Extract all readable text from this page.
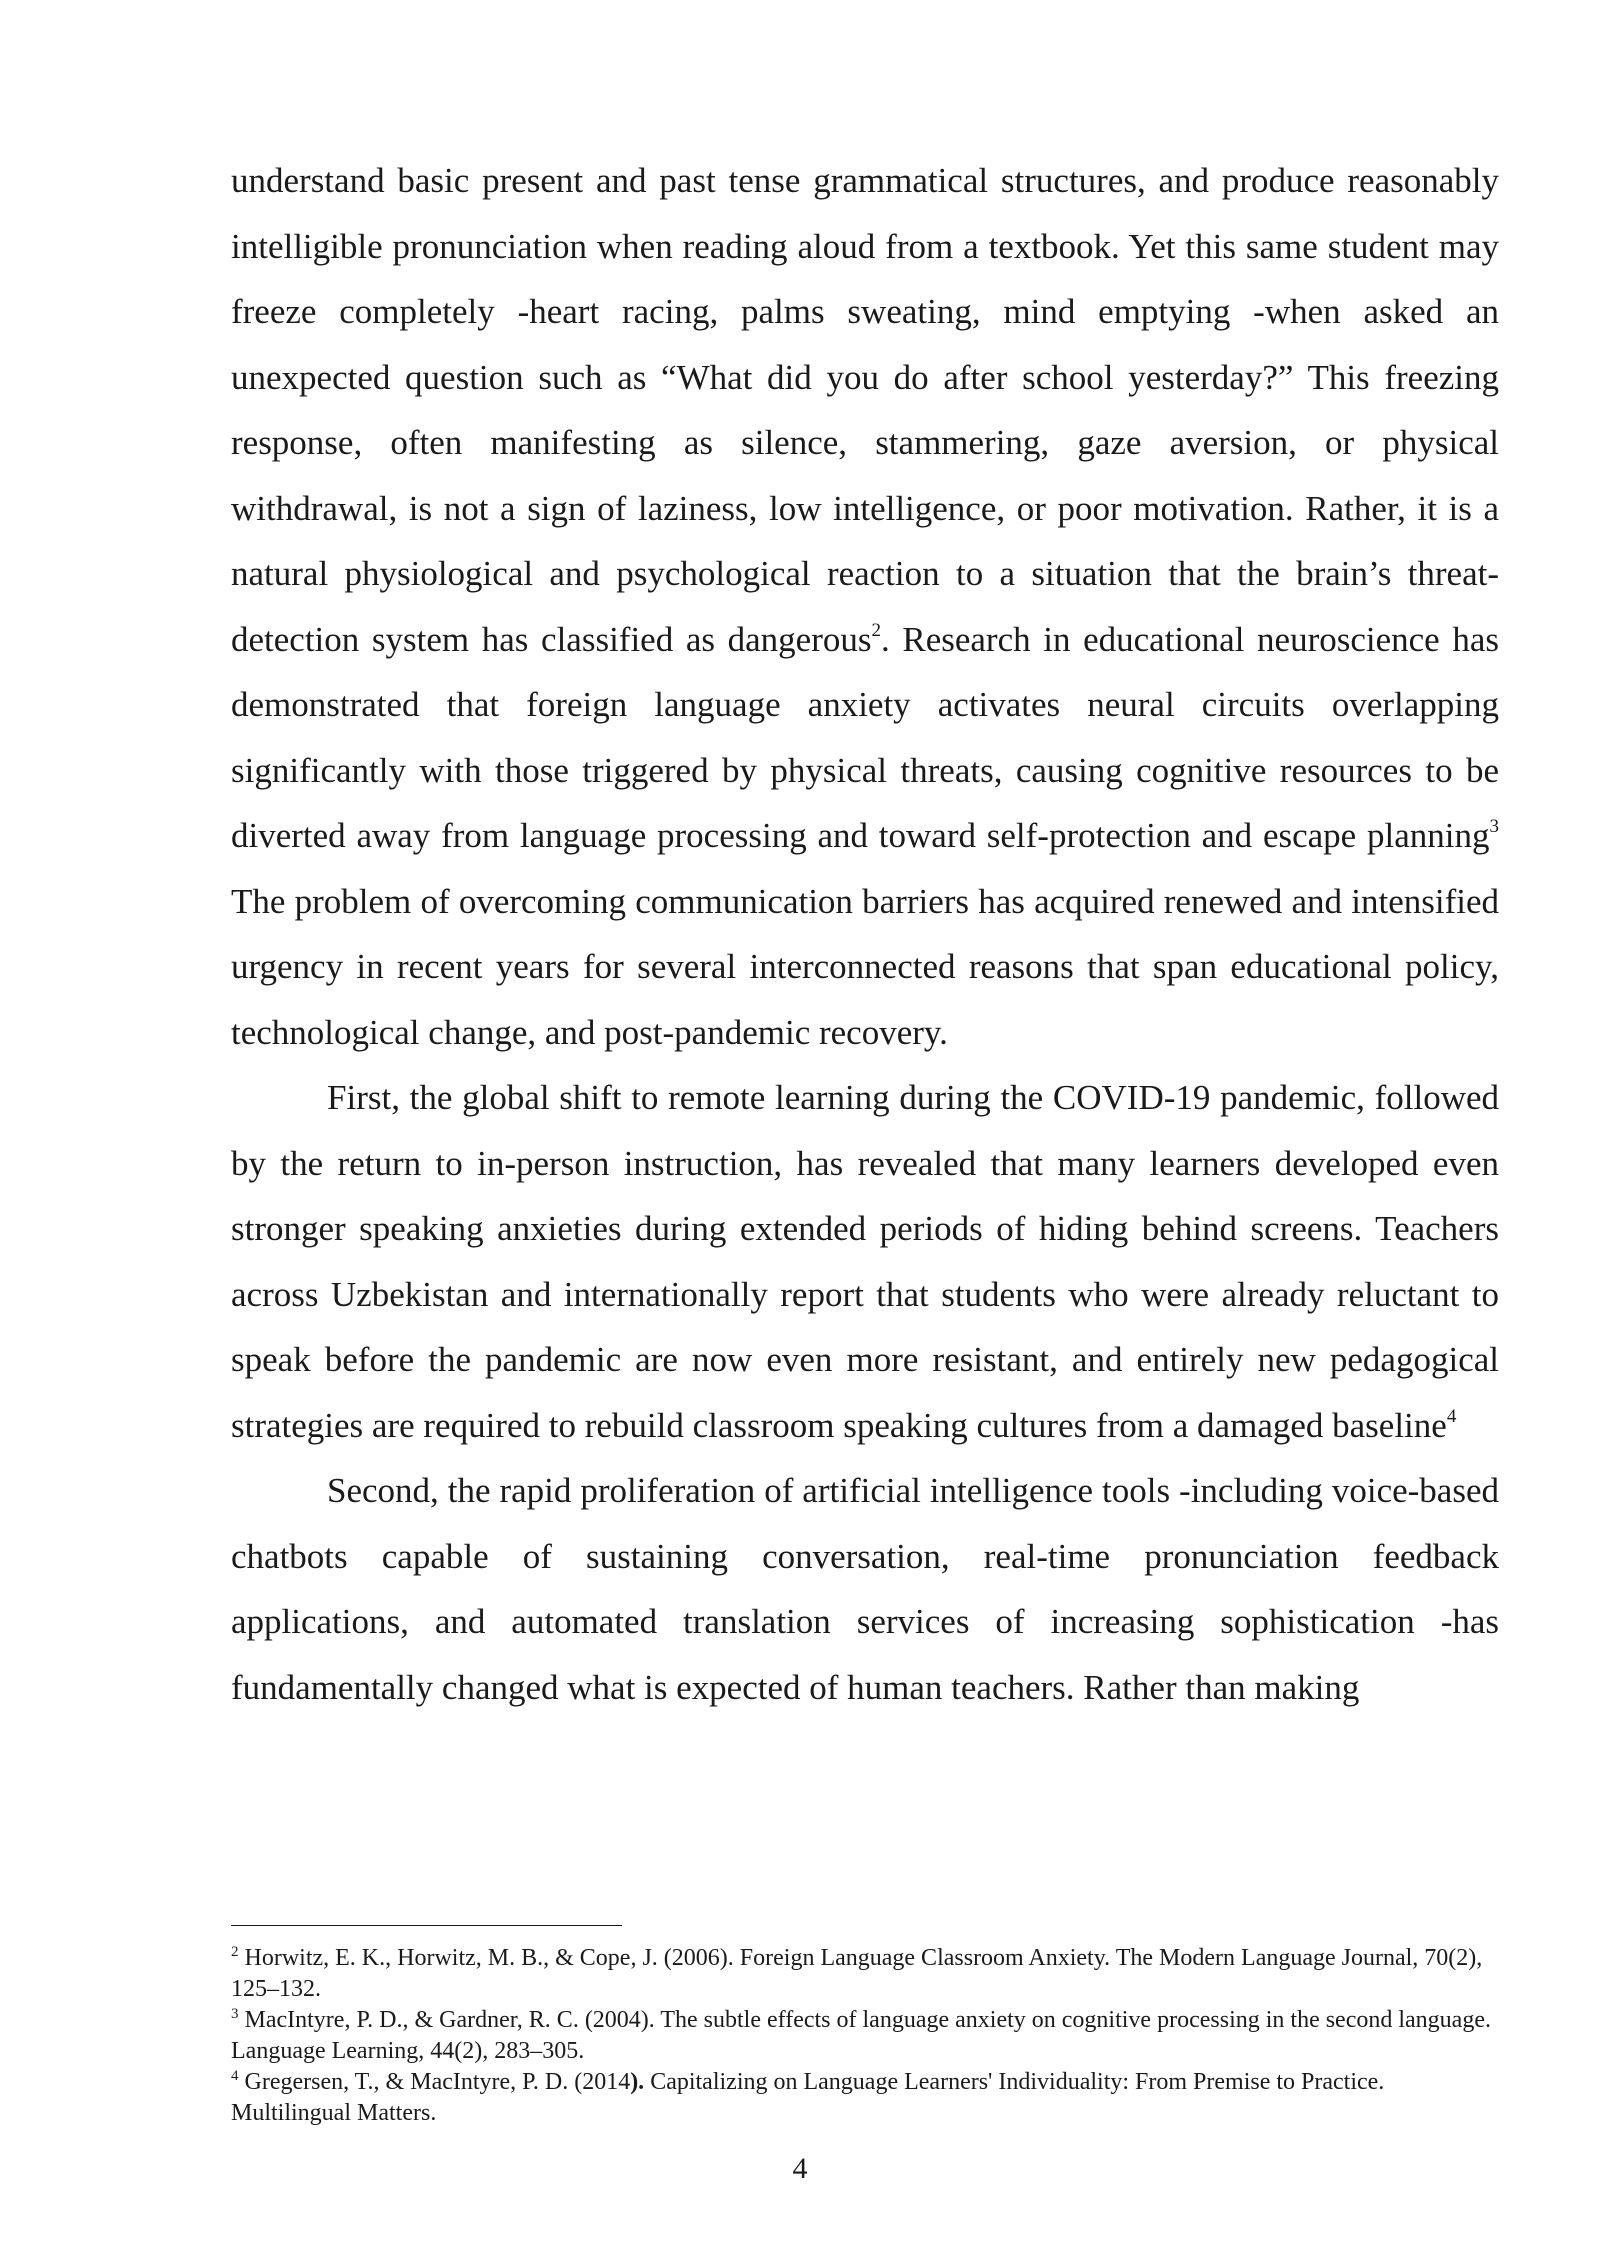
understand basic present and past tense grammatical structures, and produce reasonably intelligible pronunciation when reading aloud from a textbook. Yet this same student may freeze completely -heart racing, palms sweating, mind emptying -when asked an unexpected question such as “What did you do after school yesterday?” This freezing response, often manifesting as silence, stammering, gaze aversion, or physical withdrawal, is not a sign of laziness, low intelligence, or poor motivation. Rather, it is a natural physiological and psychological reaction to a situation that the brain’s threat-detection system has classified as dangerous$^2$. Research in educational neuroscience has demonstrated that foreign language anxiety activates neural circuits overlapping significantly with those triggered by physical threats, causing cognitive resources to be diverted away from language processing and toward self-protection and escape planning$^3$  The problem of overcoming communication barriers has acquired renewed and intensified urgency in recent years for several interconnected reasons that span educational policy, technological change, and post-pandemic recovery.

First, the global shift to remote learning during the COVID-19 pandemic, followed by the return to in-person instruction, has revealed that many learners developed even stronger speaking anxieties during extended periods of hiding behind screens. Teachers across Uzbekistan and internationally report that students who were already reluctant to speak before the pandemic are now even more resistant, and entirely new pedagogical strategies are required to rebuild classroom speaking cultures from a damaged baseline$^4$

Second, the rapid proliferation of artificial intelligence tools -including voice-based chatbots capable of sustaining conversation, real-time pronunciation feedback applications, and automated translation services of increasing sophistication -has fundamentally changed what is expected of human teachers. Rather than making

$^2$ Horwitz, E. K., Horwitz, M. B., & Cope, J. (2006). Foreign Language Classroom Anxiety. The Modern Language Journal, 70(2), 125–132.

$^3$ MacIntyre, P. D., & Gardner, R. C. (2004). The subtle effects of language anxiety on cognitive processing in the second language. Language Learning, 44(2), 283–305.

$^4$ Gregersen, T., & MacIntyre, P. D. (2014). Capitalizing on Language Learners' Individuality: From Premise to Practice. Multilingual Matters.

4
